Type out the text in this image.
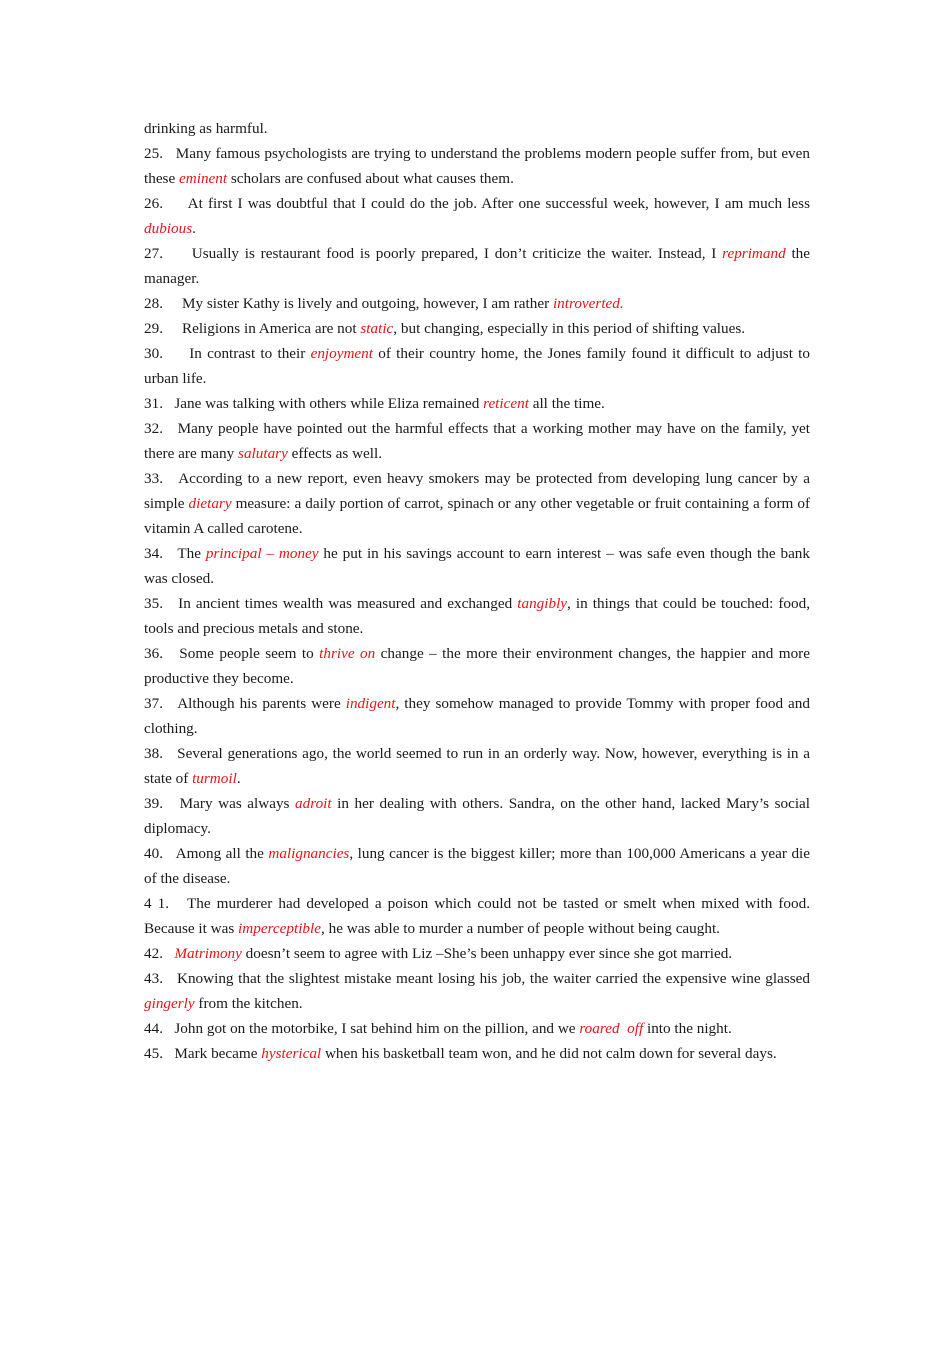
drinking as harmful.

25.   Many famous psychologists are trying to understand the problems modern people suffer from, but even these eminent scholars are confused about what causes them.

26.     At first I was doubtful that I could do the job. After one successful week, however, I am much less dubious.

27.     Usually is restaurant food is poorly prepared, I don’t criticize the waiter. Instead, I reprimand the manager.

28.     My sister Kathy is lively and outgoing, however, I am rather introverted.

29.     Religions in America are not static, but changing, especially in this period of shifting values.

30.     In contrast to their enjoyment of their country home, the Jones family found it difficult to adjust to urban life.

31.   Jane was talking with others while Eliza remained reticent all the time.

32.   Many people have pointed out the harmful effects that a working mother may have on the family, yet there are many salutary effects as well.

33.   According to a new report, even heavy smokers may be protected from developing lung cancer by a simple dietary measure: a daily portion of carrot, spinach or any other vegetable or fruit containing a form of vitamin A called carotene.

34.   The principal – money he put in his savings account to earn interest – was safe even though the bank was closed.

35.   In ancient times wealth was measured and exchanged tangibly, in things that could be touched: food, tools and precious metals and stone.

36.   Some people seem to thrive on change – the more their environment changes, the happier and more productive they become.

37.   Although his parents were indigent, they somehow managed to provide Tommy with proper food and clothing.

38.   Several generations ago, the world seemed to run in an orderly way. Now, however, everything is in a state of turmoil.

39.   Mary was always adroit in her dealing with others. Sandra, on the other hand, lacked Mary’s social diplomacy.

40.   Among all the malignancies, lung cancer is the biggest killer; more than 100,000 Americans a year die of the disease.

4 1.   The murderer had developed a poison which could not be tasted or smelt when mixed with food. Because it was imperceptible, he was able to murder a number of people without being caught.

42.   Matrimony doesn’t seem to agree with Liz –She’s been unhappy ever since she got married.

43.   Knowing that the slightest mistake meant losing his job, the waiter carried the expensive wine glassed gingerly from the kitchen.

44.   John got on the motorbike, I sat behind him on the pillion, and we roared  off into the night.

45.   Mark became hysterical when his basketball team won, and he did not calm down for several days.
